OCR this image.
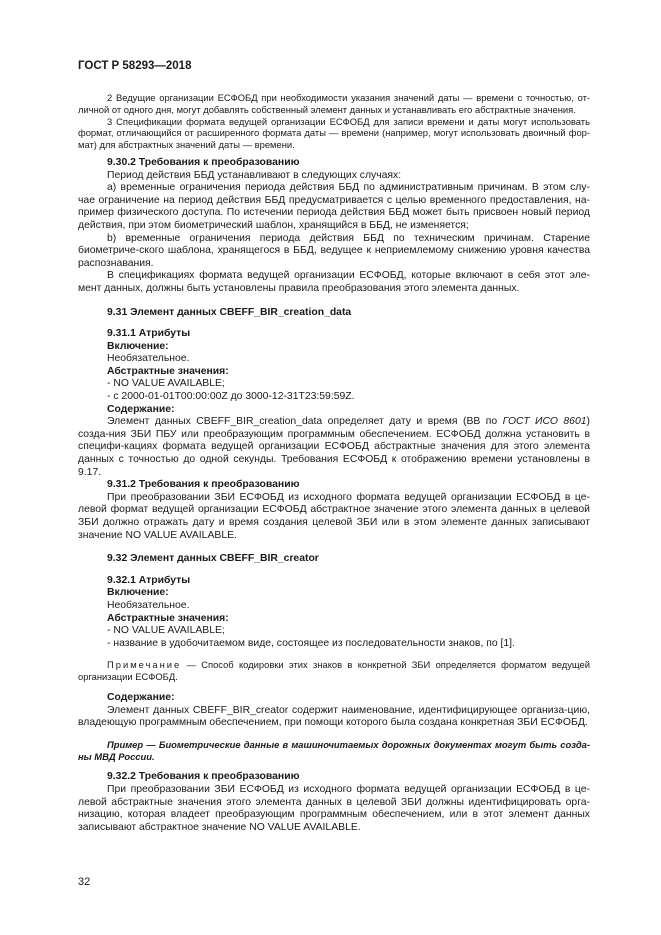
ГОСТ Р 58293—2018

2 Ведущие организации ЕСФОБД при необходимости указания значений даты — времени с точностью, от-личной от одного дня, могут добавлять собственный элемент данных и устанавливать его абстрактные значения.

3 Спецификации формата ведущей организации ЕСФОБД для записи времени и даты могут использовать формат, отличающийся от расширенного формата даты — времени (например, могут использовать двоичный фор-мат) для абстрактных значений даты — времени.

9.30.2 Требования к преобразованию

Период действия ББД устанавливают в следующих случаях:

a) временные ограничения периода действия ББД по административным причинам. В этом слу-чае ограничение на период действия ББД предусматривается с целью временного предоставления, на-пример физического доступа. По истечении периода действия ББД может быть присвоен новый период действия, при этом биометрический шаблон, хранящийся в ББД, не изменяется;

b) временные ограничения периода действия ББД по техническим причинам. Старение биометриче-ского шаблона, хранящегося в ББД, ведущее к неприемлемому снижению уровня качества распознавания.

В спецификациях формата ведущей организации ЕСФОБД, которые включают в себя этот эле-мент данных, должны быть установлены правила преобразования этого элемента данных.

9.31 Элемент данных CBEFF_BIR_creation_data

9.31.1 Атрибуты

Включение:

Необязательное.

Абстрактные значения:

- NO VALUE AVAILABLE;

- c 2000-01-01T00:00:00Z до 3000-12-31T23:59:59Z.

Содержание:

Элемент данных CBEFF_BIR_creation_data определяет дату и время (ВВ по ГОСТ ИСО 8601) созда-ния ЗБИ ПБУ или преобразующим программным обеспечением. ЕСФОБД должна установить в специфи-кациях формата ведущей организации ЕСФОБД абстрактные значения для этого элемента данных с точностью до одной секунды. Требования ЕСФОБД к отображению времени установлены в 9.17.

9.31.2 Требования к преобразованию

При преобразовании ЗБИ ЕСФОБД из исходного формата ведущей организации ЕСФОБД в це-левой формат ведущей организации ЕСФОБД абстрактное значение этого элемента данных в целевой ЗБИ должно отражать дату и время создания целевой ЗБИ или в этом элементе данных записывают значение NO VALUE AVAILABLE.

9.32 Элемент данных CBEFF_BIR_creator

9.32.1 Атрибуты

Включение:

Необязательное.

Абстрактные значения:

- NO VALUE AVAILABLE;

- название в удобочитаемом виде, состоящее из последовательности знаков, по [1].

Примечание — Способ кодировки этих знаков в конкретной ЗБИ определяется форматом ведущей организации ЕСФОБД.

Содержание:

Элемент данных CBEFF_BIR_creator содержит наименование, идентифицирующее организа-цию, владеющую программным обеспечением, при помощи которого была создана конкретная ЗБИ ЕСФОБД.

Пример — Биометрические данные в машиночитаемых дорожных документах могут быть созда-ны МВД России.

9.32.2 Требования к преобразованию

При преобразовании ЗБИ ЕСФОБД из исходного формата ведущей организации ЕСФОБД в це-левой абстрактные значения этого элемента данных в целевой ЗБИ должны идентифицировать орга-низацию, которая владеет преобразующим программным обеспечением, или в этот элемент данных записывают абстрактное значение NO VALUE AVAILABLE.

32
